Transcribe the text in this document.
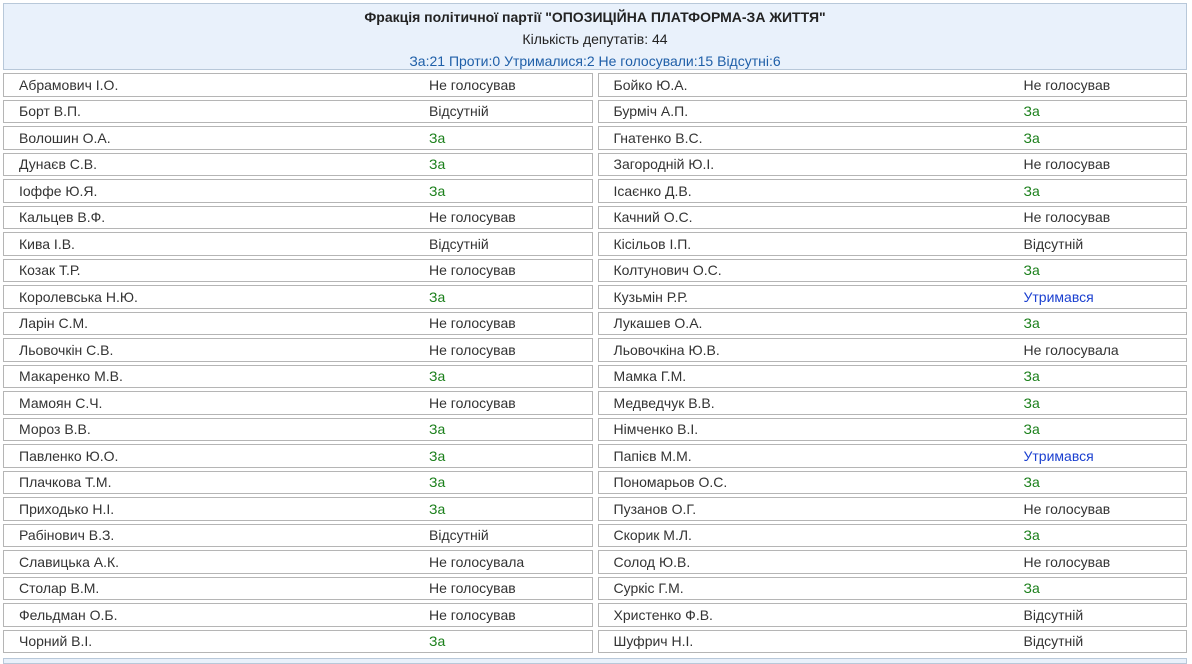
Фракція політичної партії "ОПОЗИЦІЙНА ПЛАТФОРМА-ЗА ЖИТТЯ"
Кількість депутатів: 44
За:21 Проти:0 Утрималися:2 Не голосували:15 Відсутні:6
Абрамович І.О.	Не голосував
Борт В.П.	Відсутній
Волошин О.А.	За
Дунаєв С.В.	За
Іоффе Ю.Я.	За
Кальцев В.Ф.	Не голосував
Кива І.В.	Відсутній
Козак Т.Р.	Не голосував
Королевська Н.Ю.	За
Ларін С.М.	Не голосував
Льовочкін С.В.	Не голосував
Макаренко М.В.	За
Мамоян С.Ч.	Не голосував
Мороз В.В.	За
Павленко Ю.О.	За
Плачкова Т.М.	За
Приходько Н.І.	За
Рабінович В.З.	Відсутній
Славицька А.К.	Не голосувала
Столар В.М.	Не голосував
Фельдман О.Б.	Не голосував
Чорний В.І.	За
Бойко Ю.А.	Не голосував
Бурміч А.П.	За
Гнатенко В.С.	За
Загородній Ю.І.	Не голосував
Ісаєнко Д.В.	За
Качний О.С.	Не голосував
Кісільов І.П.	Відсутній
Колтунович О.С.	За
Кузьмін Р.Р.	Утримався
Лукашев О.А.	За
Льовочкіна Ю.В.	Не голосувала
Мамка Г.М.	За
Медведчук В.В.	За
Німченко В.І.	За
Папієв М.М.	Утримався
Пономарьов О.С.	За
Пузанов О.Г.	Не голосував
Скорик М.Л.	За
Солод Ю.В.	Не голосував
Суркіс Г.М.	За
Христенко Ф.В.	Відсутній
Шуфрич Н.І.	Відсутній
